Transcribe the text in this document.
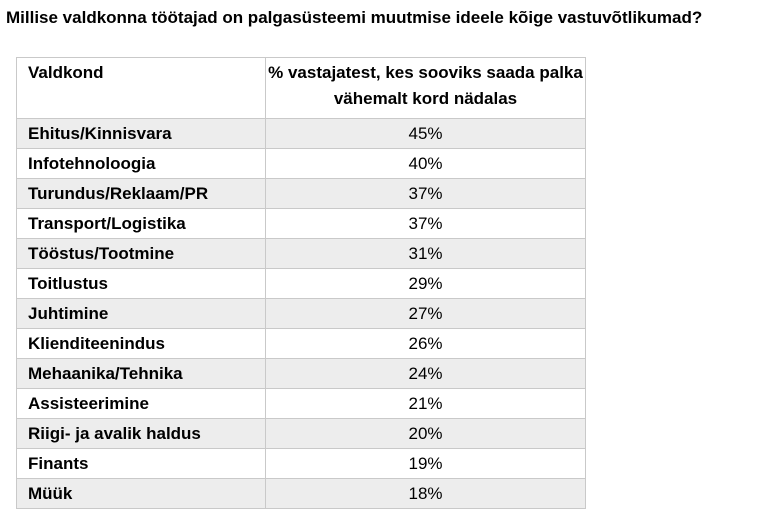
Millise valdkonna töötajad on palgasüsteemi muutmise ideele kõige vastuvõtlikumad?
Valdkond	% vastajatest, kes sooviks saada palka vähemalt kord nädalas
Ehitus/Kinnisvara	45%
Infotehnoloogia	40%
Turundus/Reklaam/PR	37%
Transport/Logistika	37%
Tööstus/Tootmine	31%
Toitlustus	29%
Juhtimine	27%
Klienditeenindus	26%
Mehaanika/Tehnika	24%
Assisteerimine	21%
Riigi- ja avalik haldus	20%
Finants	19%
Müük	18%
